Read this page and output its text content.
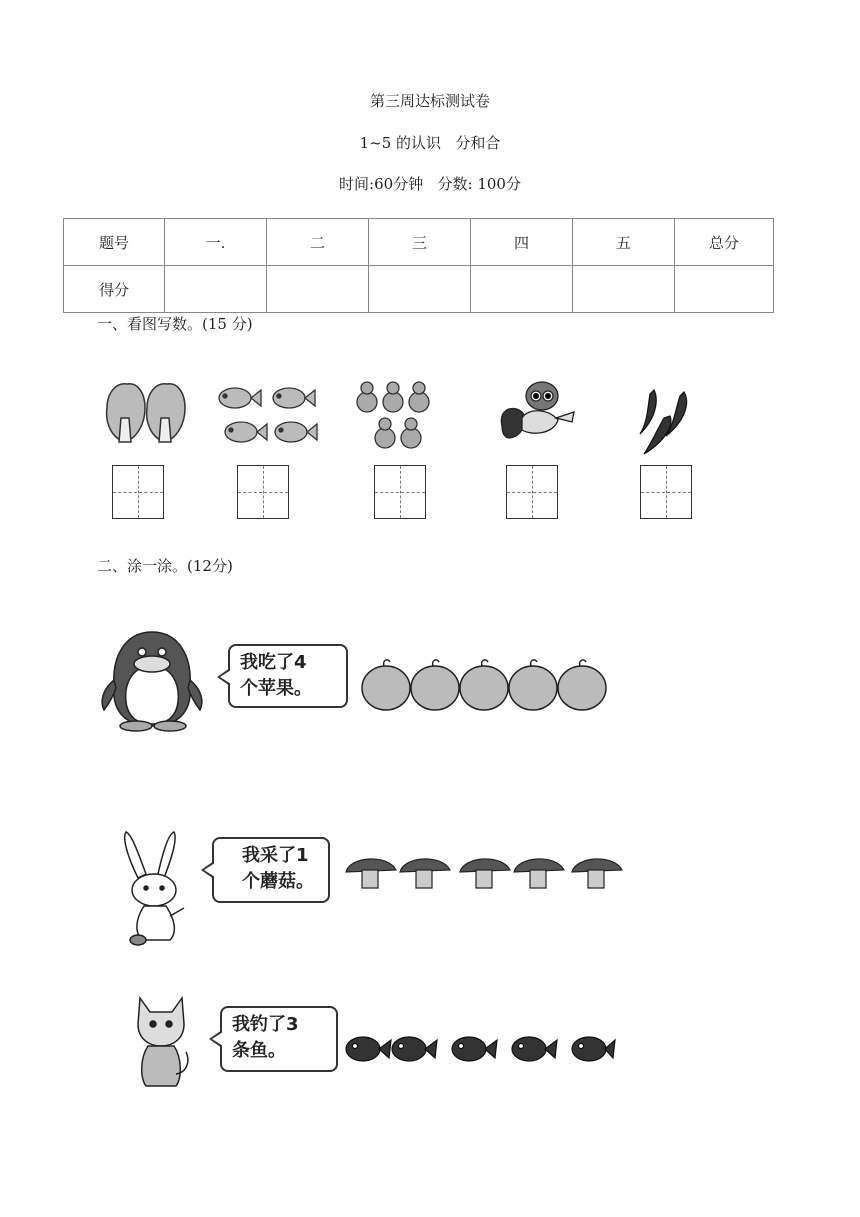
第三周达标测试卷
1~5 的认识   分和合
时间:60分钟   分数: 100分
题号	一.	二	三	四	五	总分
得分						
一、看图写数。(15 分)
二、涂一涂。(12分)
我吃了4
个苹果。
我采了1
个蘑菇。
我钓了3
条鱼。
